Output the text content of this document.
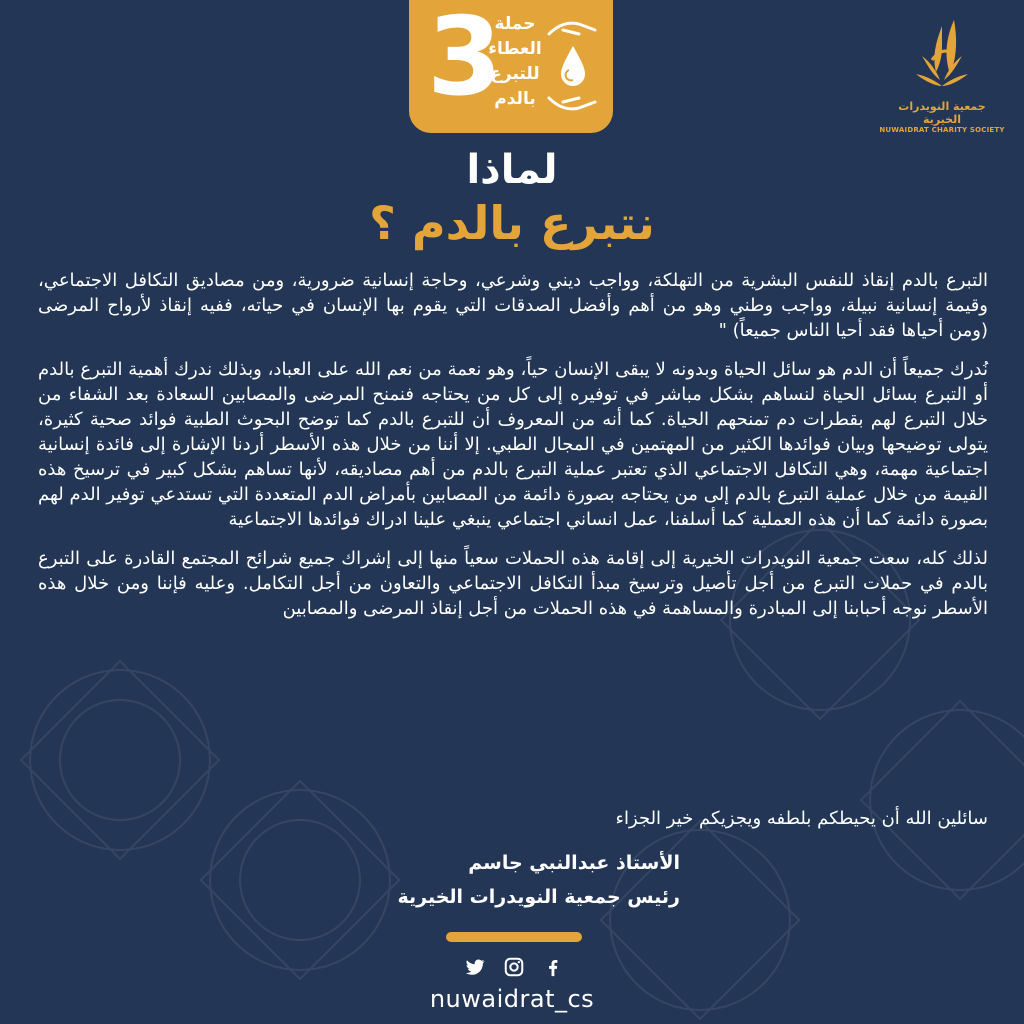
3
حملة
العطاء
للتبرع
بالدم	جمعية النويدرات الخيرية
NUWAIDRAT CHARITY SOCIETY
لماذا
نتبرع بالدم ؟

التبرع بالدم إنقاذ للنفس البشرية من التهلكة، وواجب ديني وشرعي، وحاجة إنسانية ضرورية، ومن مصاديق التكافل الاجتماعي، وقيمة إنسانية نبيلة، وواجب وطني وهو من أهم وأفضل الصدقات التي يقوم بها الإنسان في حياته، ففيه إنقاذ لأرواح المرضى (ومن أحياها فقد أحيا الناس جميعاً) "

نُدرك جميعاً أن الدم هو سائل الحياة وبدونه لا يبقى الإنسان حياً، وهو نعمة من نعم الله على العباد، وبذلك ندرك أهمية التبرع بالدم أو التبرع بسائل الحياة لنساهم بشكل مباشر في توفيره إلى كل من يحتاجه فنمنح المرضى والمصابين السعادة بعد الشفاء من خلال التبرع لهم بقطرات دم تمنحهم الحياة. كما أنه من المعروف أن للتبرع بالدم كما توضح البحوث الطبية فوائد صحية كثيرة، يتولى توضيحها وبيان فوائدها الكثير من المهتمين في المجال الطبي. إلا أننا من خلال هذه الأسطر أردنا الإشارة إلى فائدة إنسانية اجتماعية مهمة، وهي التكافل الاجتماعي الذي تعتبر عملية التبرع بالدم من أهم مصاديقه، لأنها تساهم بشكل كبير في ترسيخ هذه القيمة من خلال عملية التبرع بالدم إلى من يحتاجه بصورة دائمة من المصابين بأمراض الدم المتعددة التي تستدعي توفير الدم لهم بصورة دائمة كما أن هذه العملية كما أسلفنا، عمل انساني اجتماعي ينبغي علينا ادراك فوائدها الاجتماعية

لذلك كله، سعت جمعية النويدرات الخيرية إلى إقامة هذه الحملات سعياً منها إلى إشراك جميع شرائح المجتمع القادرة على التبرع بالدم في حملات التبرع من أجل تأصيل وترسيخ مبدأ التكافل الاجتماعي والتعاون من أجل التكامل. وعليه فإننا ومن خلال هذه الأسطر نوجه أحبابنا إلى المبادرة والمساهمة في هذه الحملات من أجل إنقاذ المرضى والمصابين

سائلين الله أن يحيطكم بلطفه ويجزيكم خير الجزاء
الأستاذ عبدالنبي جاسم
رئيس جمعية النويدرات الخيرية
nuwaidrat_cs
